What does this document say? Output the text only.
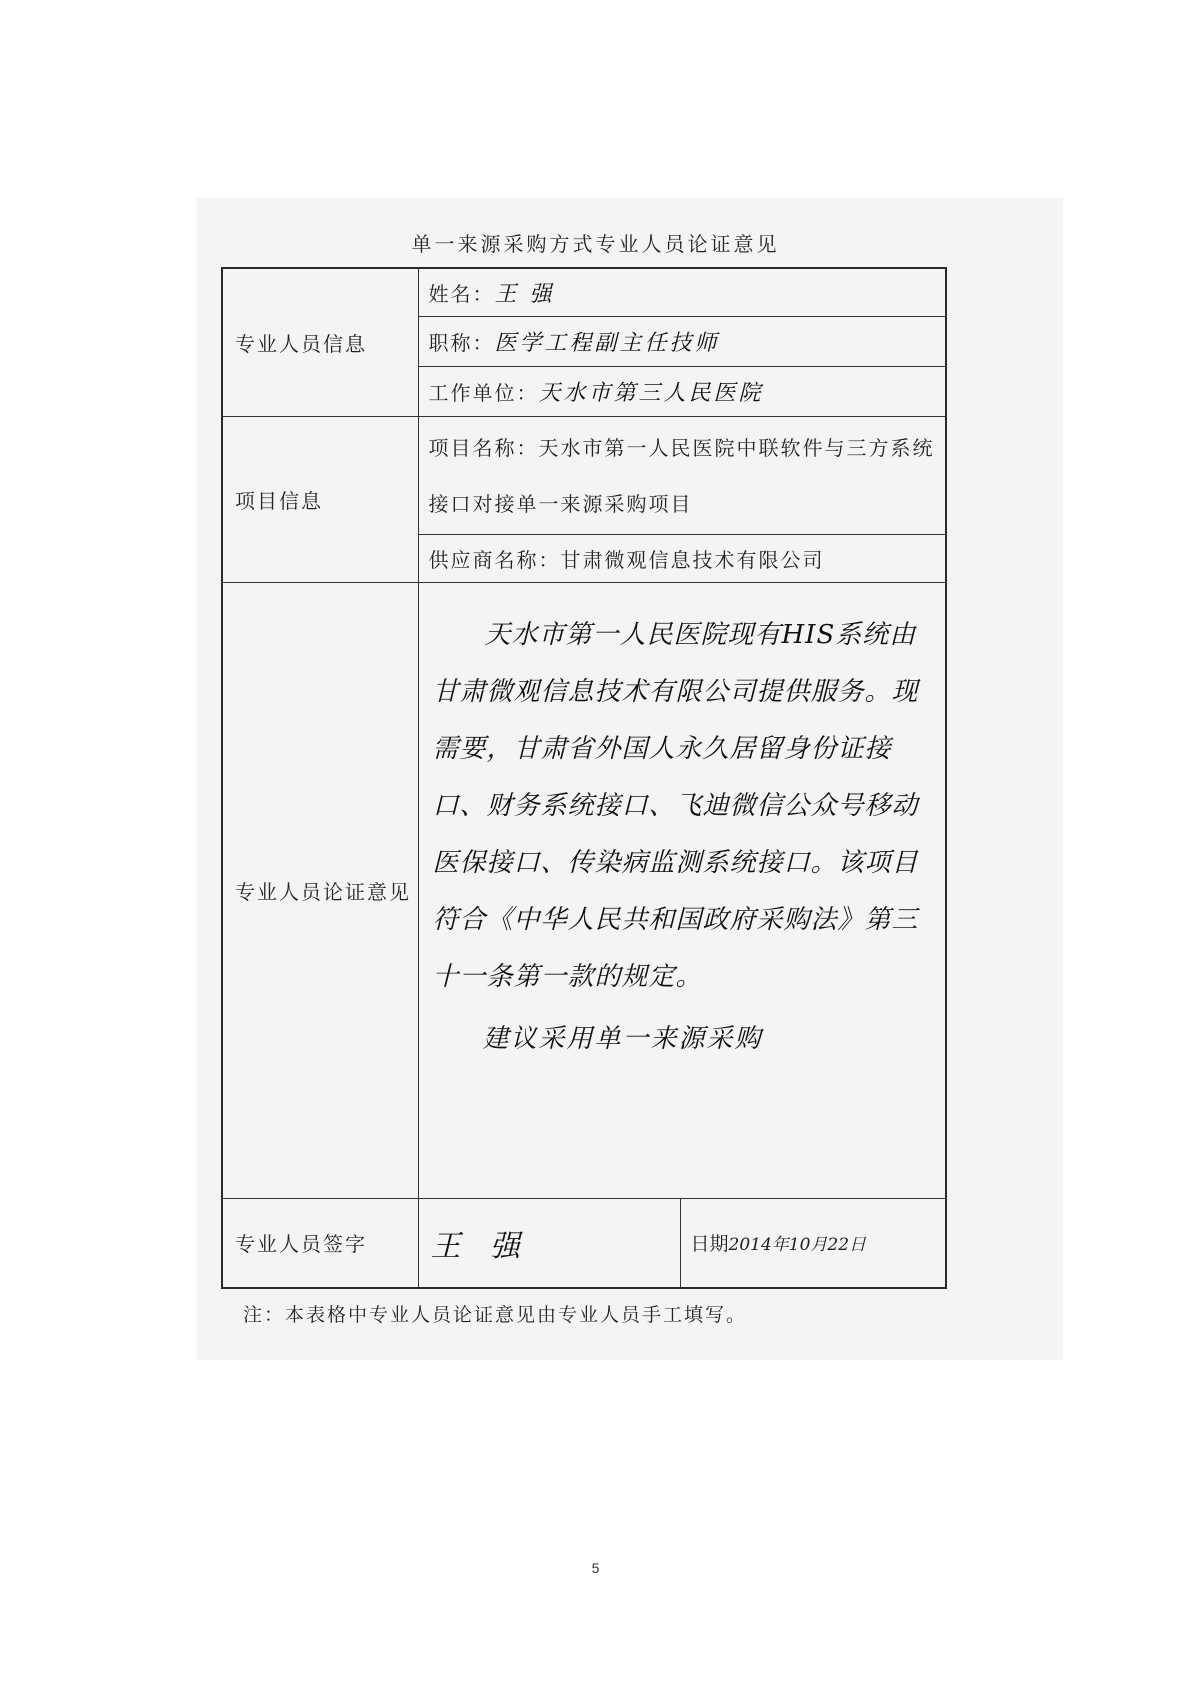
单一来源采购方式专业人员论证意见
专业人员信息	姓名：王 强	
	职称：医学工程副主任技师	
	工作单位：天水市第三人民医院	
项目信息	项目名称：天水市第一人民医院中联软件与三方系统接口对接单一来源采购项目	
	供应商名称：甘肃微观信息技术有限公司	
专业人员论证意见	天水市第一人民医院现有HIS系统由甘肃微观信息技术有限公司提供服务。现需要，甘肃省外国人永久居留身份证接口、财务系统接口、飞迪微信公众号移动医保接口、传染病监测系统接口。该项目符合《中华人民共和国政府采购法》第三十一条第一款的规定。

建议采用单一来源采购	

专业人员签字	王 强	日期2014年10月22日
注：本表格中专业人员论证意见由专业人员手工填写。
5
